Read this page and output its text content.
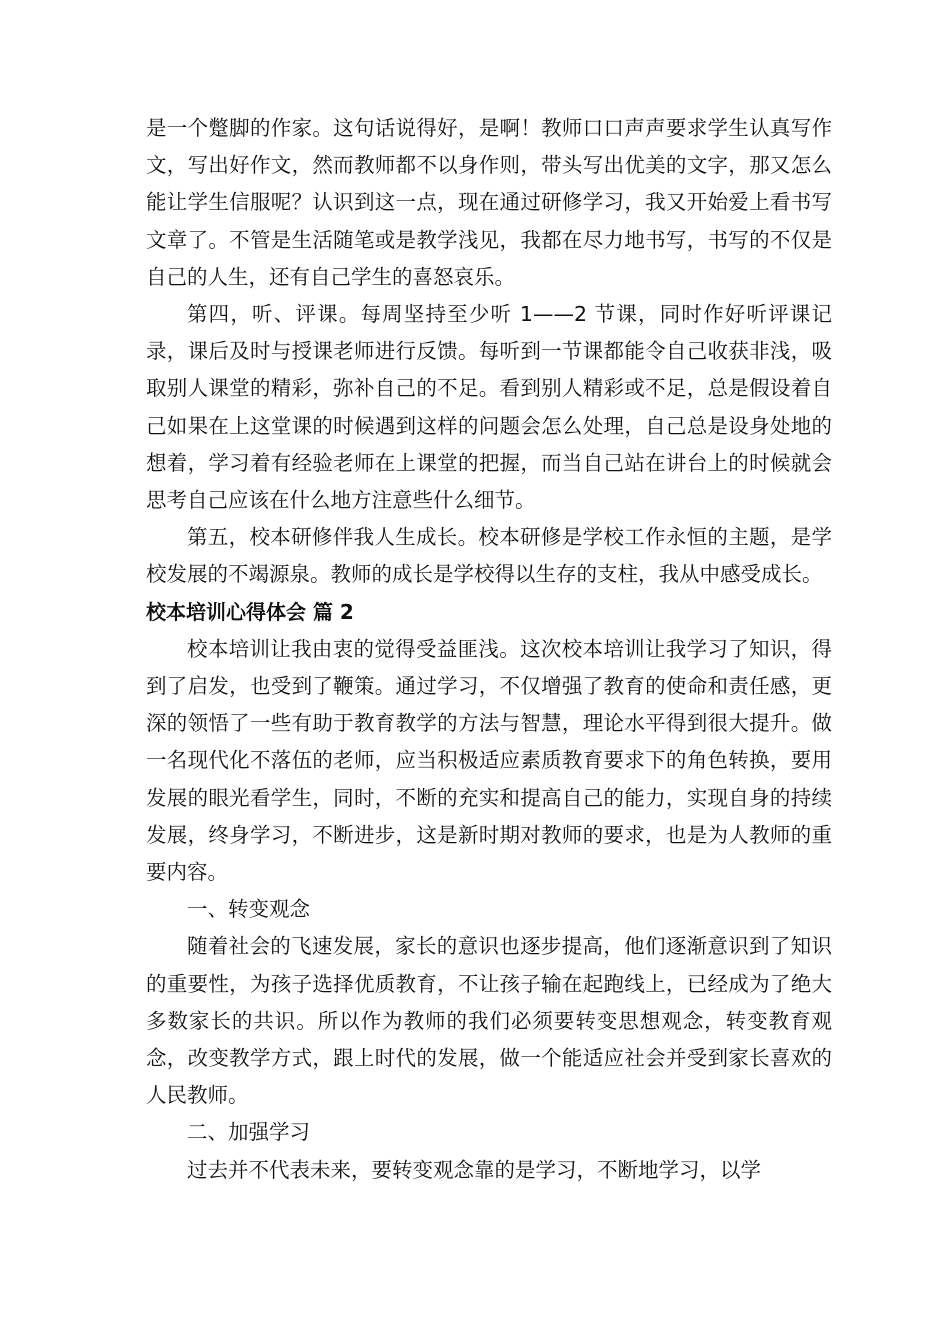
是一个蹩脚的作家。这句话说得好，是啊！教师口口声声要求学生认真写作文，写出好作文，然而教师都不以身作则，带头写出优美的文字，那又怎么能让学生信服呢？认识到这一点，现在通过研修学习，我又开始爱上看书写文章了。不管是生活随笔或是教学浅见，我都在尽力地书写，书写的不仅是自己的人生，还有自己学生的喜怒哀乐。

第四，听、评课。每周坚持至少听 1——2 节课，同时作好听评课记录，课后及时与授课老师进行反馈。每听到一节课都能令自己收获非浅，吸取别人课堂的精彩，弥补自己的不足。看到别人精彩或不足，总是假设着自己如果在上这堂课的时候遇到这样的问题会怎么处理，自己总是设身处地的想着，学习着有经验老师在上课堂的把握，而当自己站在讲台上的时候就会思考自己应该在什么地方注意些什么细节。

第五，校本研修伴我人生成长。校本研修是学校工作永恒的主题，是学校发展的不竭源泉。教师的成长是学校得以生存的支柱，我从中感受成长。

校本培训心得体会 篇 2

校本培训让我由衷的觉得受益匪浅。这次校本培训让我学习了知识，得到了启发，也受到了鞭策。通过学习，不仅增强了教育的使命和责任感，更深的领悟了一些有助于教育教学的方法与智慧，理论水平得到很大提升。做一名现代化不落伍的老师，应当积极适应素质教育要求下的角色转换，要用发展的眼光看学生，同时，不断的充实和提高自己的能力，实现自身的持续发展，终身学习，不断进步，这是新时期对教师的要求，也是为人教师的重要内容。

一、转变观念

随着社会的飞速发展，家长的意识也逐步提高，他们逐渐意识到了知识的重要性，为孩子选择优质教育，不让孩子输在起跑线上，已经成为了绝大多数家长的共识。所以作为教师的我们必须要转变思想观念，转变教育观念，改变教学方式，跟上时代的发展，做一个能适应社会并受到家长喜欢的人民教师。

二、加强学习

过去并不代表未来，要转变观念靠的是学习，不断地学习，以学
